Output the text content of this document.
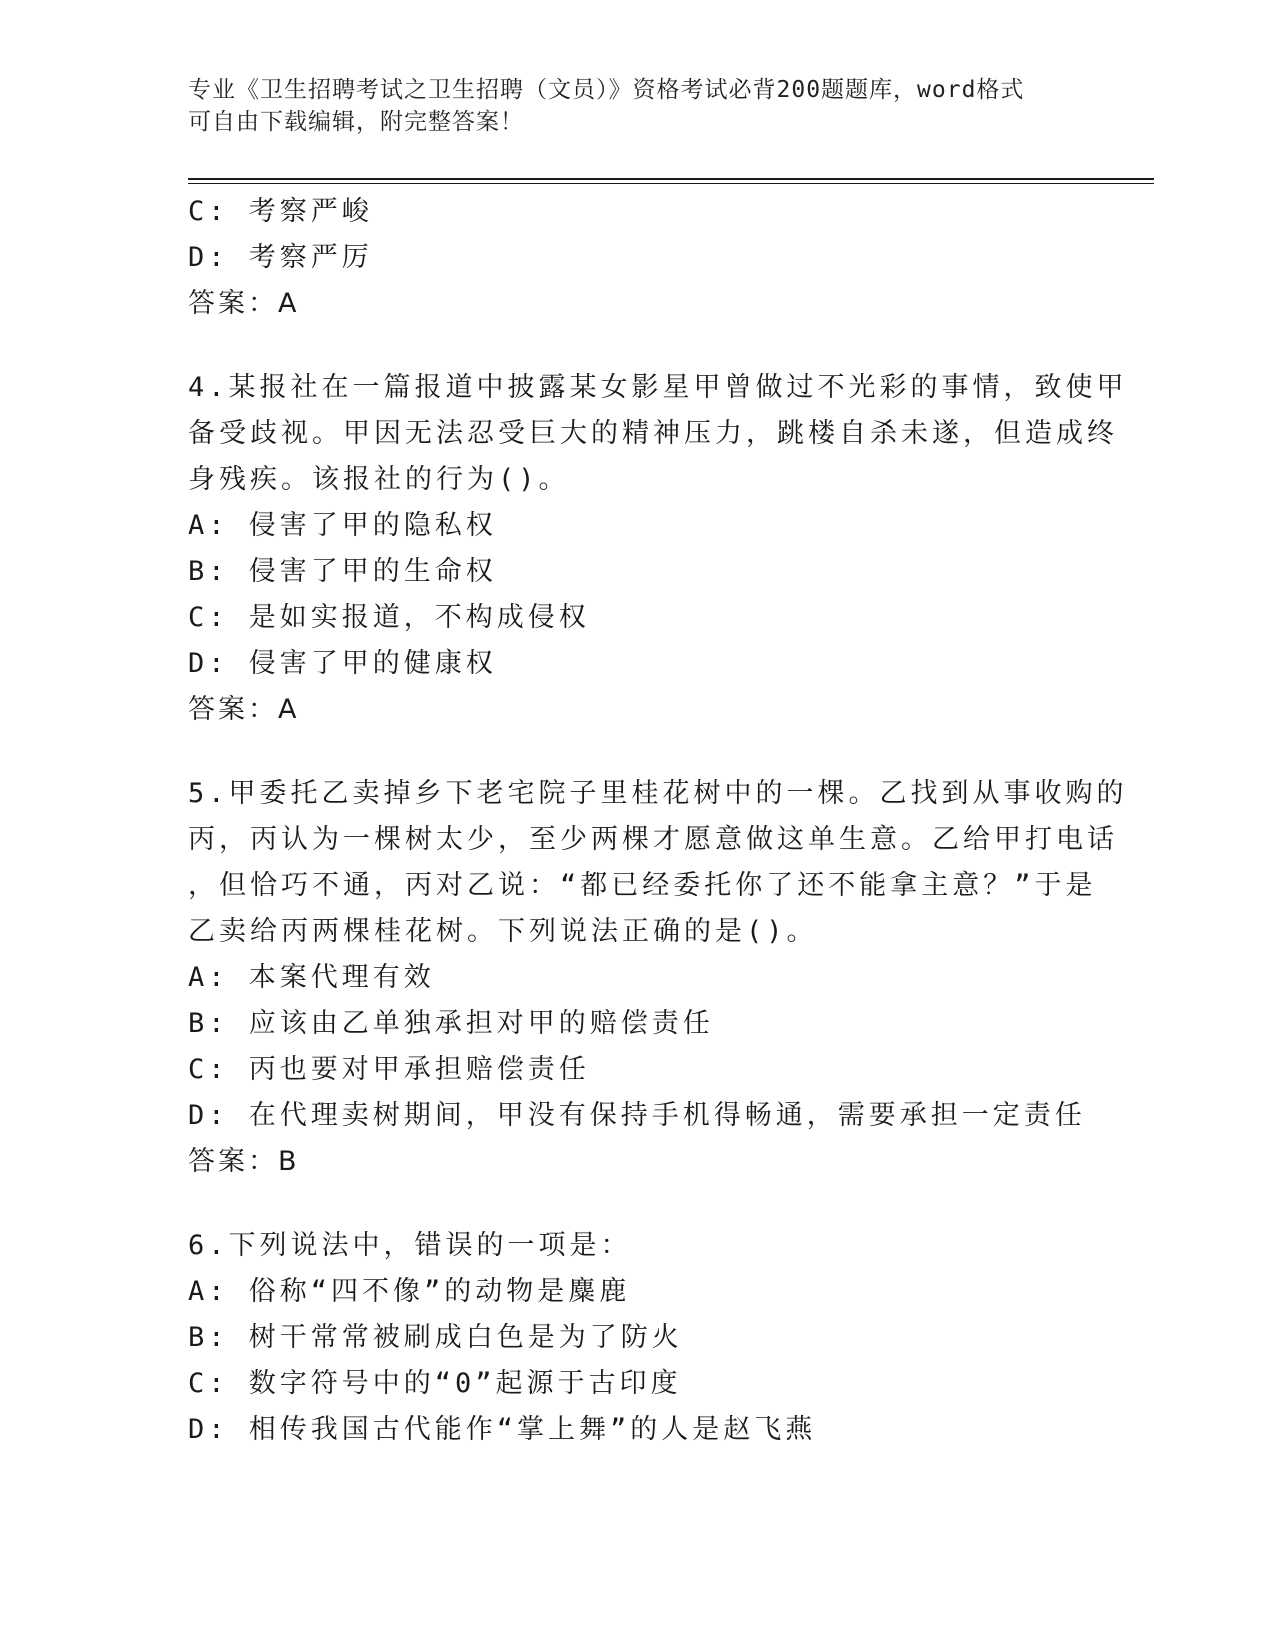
专业《卫生招聘考试之卫生招聘（文员）》资格考试必背200题题库，word格式
可自由下载编辑，附完整答案！
C: 考察严峻
D: 考察严厉
答案：A
4.某报社在一篇报道中披露某女影星甲曾做过不光彩的事情，致使甲
备受歧视。甲因无法忍受巨大的精神压力，跳楼自杀未遂，但造成终
身残疾。该报社的行为()。
A: 侵害了甲的隐私权
B: 侵害了甲的生命权
C: 是如实报道，不构成侵权
D: 侵害了甲的健康权
答案：A
5.甲委托乙卖掉乡下老宅院子里桂花树中的一棵。乙找到从事收购的
丙，丙认为一棵树太少，至少两棵才愿意做这单生意。乙给甲打电话
，但恰巧不通，丙对乙说：“都已经委托你了还不能拿主意？”于是
乙卖给丙两棵桂花树。下列说法正确的是()。
A: 本案代理有效
B: 应该由乙单独承担对甲的赔偿责任
C: 丙也要对甲承担赔偿责任
D: 在代理卖树期间，甲没有保持手机得畅通，需要承担一定责任
答案：B
6.下列说法中，错误的一项是：
A: 俗称“四不像”的动物是麋鹿
B: 树干常常被刷成白色是为了防火
C: 数字符号中的“0”起源于古印度
D: 相传我国古代能作“掌上舞”的人是赵飞燕
